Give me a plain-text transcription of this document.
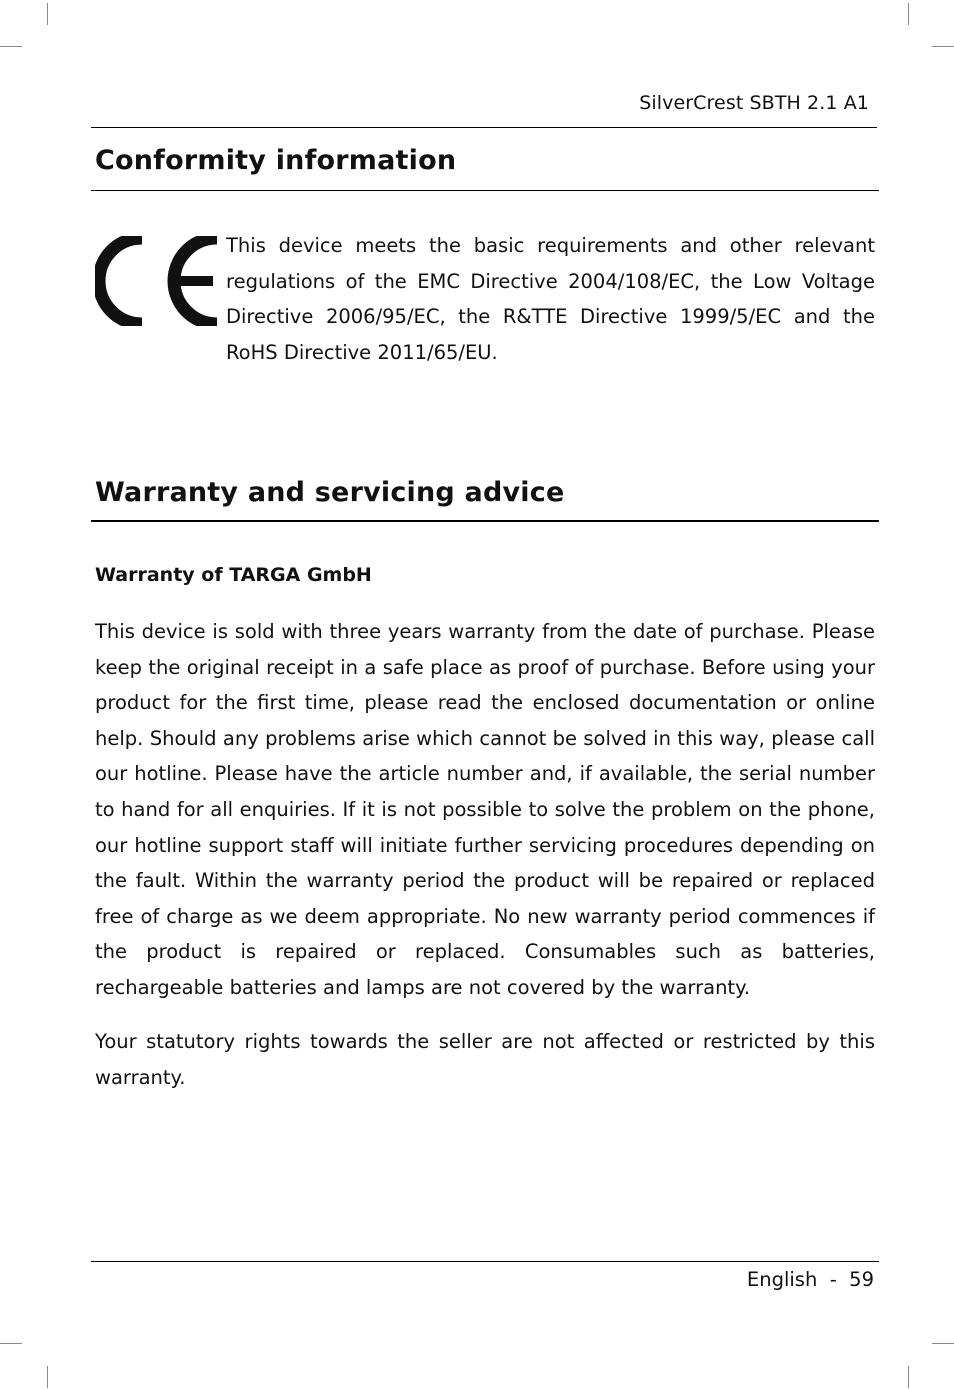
SilverCrest SBTH 2.1 A1
Conformity information

This device meets the basic requirements and other relevant regulations of the EMC Directive 2004/108/EC, the Low Voltage Directive 2006/95/EC, the R&TTE Directive 1999/5/EC and the RoHS Directive 2011/65/EU.

Warranty and servicing advice
Warranty of TARGA GmbH

This device is sold with three years warranty from the date of purchase. Please keep the original receipt in a safe place as proof of purchase. Before using your product for the first time, please read the enclosed documentation or online help. Should any problems arise which cannot be solved in this way, please call our hotline. Please have the article number and, if available, the serial number to hand for all enquiries. If it is not possible to solve the problem on the phone, our hotline support staff will initiate further servicing procedures depending on the fault. Within the warranty period the product will be repaired or replaced free of charge as we deem appropriate. No new warranty period commences if the product is repaired or replaced. Consumables such as batteries, rechargeable batteries and lamps are not covered by the warranty.

Your statutory rights towards the seller are not affected or restricted by this warranty.

English - 59
